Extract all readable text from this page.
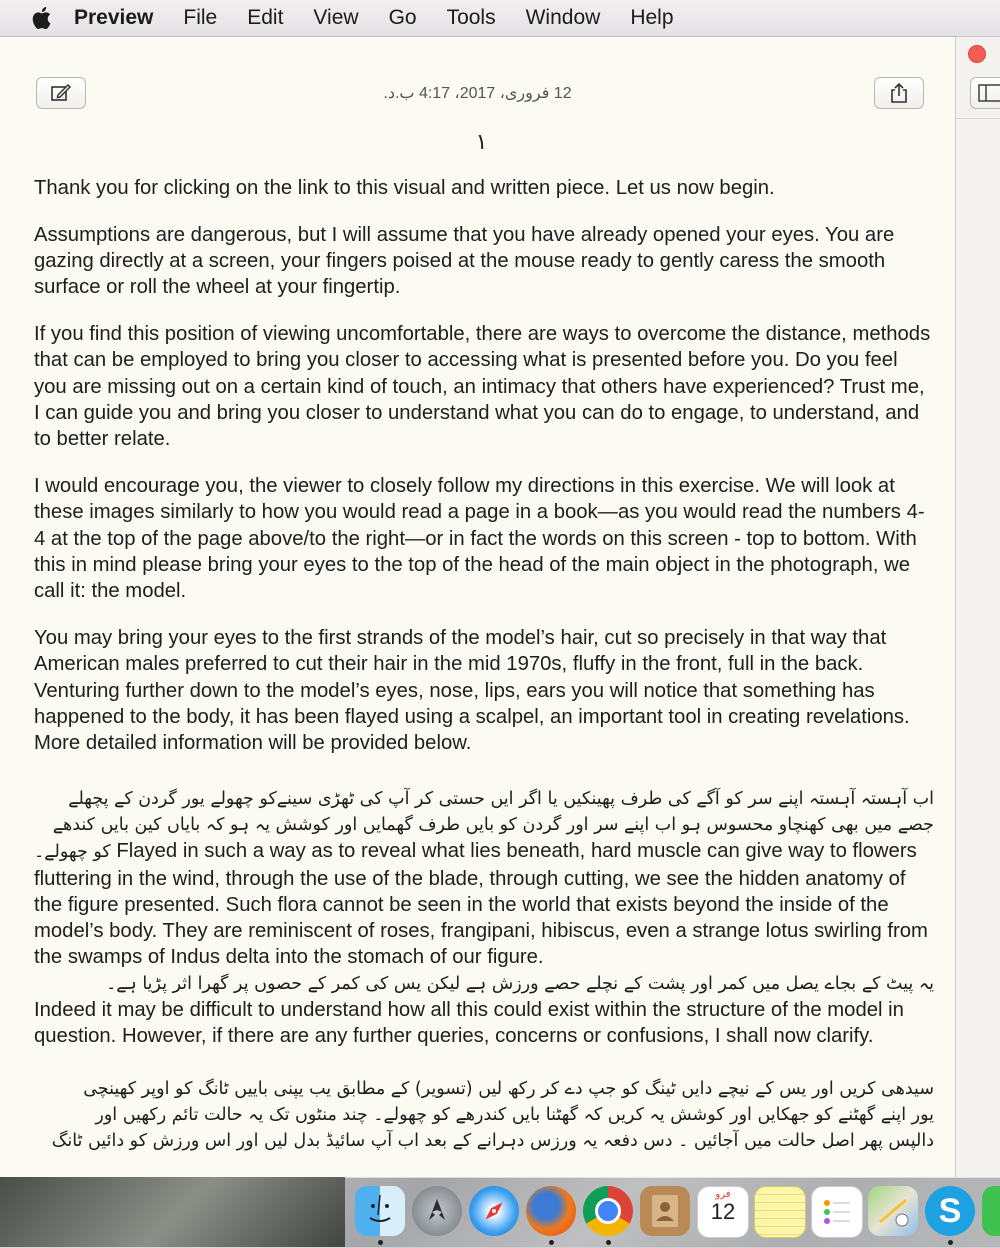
Preview File Edit View Go Tools Window Help
12 فروری، 2017، 4:17 ب.د.
١

Thank you for clicking on the link to this visual and written piece. Let us now begin.

Assumptions are dangerous, but I will assume that you have already opened your eyes. You are gazing directly at a screen, your fingers poised at the mouse ready to gently caress the smooth surface or roll the wheel at your fingertip.

If you find this position of viewing uncomfortable, there are ways to overcome the distance, methods that can be employed to bring you closer to accessing what is presented before you. Do you feel you are missing out on a certain kind of touch, an intimacy that others have experienced? Trust me, I can guide you and bring you closer to understand what you can do to engage, to understand, and to better relate.

I would encourage you, the viewer to closely follow my directions in this exercise. We will look at these images similarly to how you would read a page in a book—as you would read the numbers 4-4 at the top of the page above/to the right—or in fact the words on this screen - top to bottom. With this in mind please bring your eyes to the top of the head of the main object in the photograph, we call it: the model.

You may bring your eyes to the first strands of the model’s hair, cut so precisely in that way that American males preferred to cut their hair in the mid 1970s, fluffy in the front, full in the back. Venturing further down to the model’s eyes, nose, lips, ears you will notice that something has happened to the body, it has been flayed using a scalpel, an important tool in creating revelations. More detailed information will be provided below.

اب آہستہ آہستہ اپنے سر کو آگے کی طرف پھینکیں یا اگر ایں حستی کر آپ کی ٹھڑی سینےکو چھولے یور گردن کے پچھلے
جصے میں بھی کھنچاو محسوس ہو اب اپنے سر اور گردن کو بایں طرف گھمایں اور کوشش یہ ہو کہ بایاں کین بایں کندھے
کو چھولے۔ Flayed in such a way as to reveal what lies beneath, hard muscle can give way to flowers fluttering in the wind, through the use of the blade, through cutting, we see the hidden anatomy of the figure presented. Such flora cannot be seen in the world that exists beyond the inside of the model’s body. They are reminiscent of roses, frangipani, hibiscus, even a strange lotus swirling from the swamps of Indus delta into the stomach of our figure.
یہ پیٹ کے بجاے یصل میں کمر اور پشت کے نچلے حصے ورزش ہے لیکن یس کی کمر کے حصوں پر گھرا اثر پڑیا ہے۔
Indeed it may be difficult to understand how all this could exist within the structure of the model in question. However, if there are any further queries, concerns or confusions, I shall now clarify.

سیدھی کریں اور یس کے نیچے دایں ٹینگ کو جپ دے کر رکھ لیں (تسویر) کے مطابق یب یپنی باییں ٹانگ کو اوپر کھینچی
یور اپنے گھٹنے کو جھکایں اور کوشش یہ کریں کہ گھٹنا بایں کندرھے کو چھولے۔ چند منٹوں تک یہ حالت تائم رکھیں اور
دالپس پھر اصل حالت میں آجائیں ۔ دس دفعہ یہ ورزس دہرانے کے بعد اب آپ سائیڈ بدل لیں اور اس ورزش کو دائیں ٹانگ

فرو
12	S
